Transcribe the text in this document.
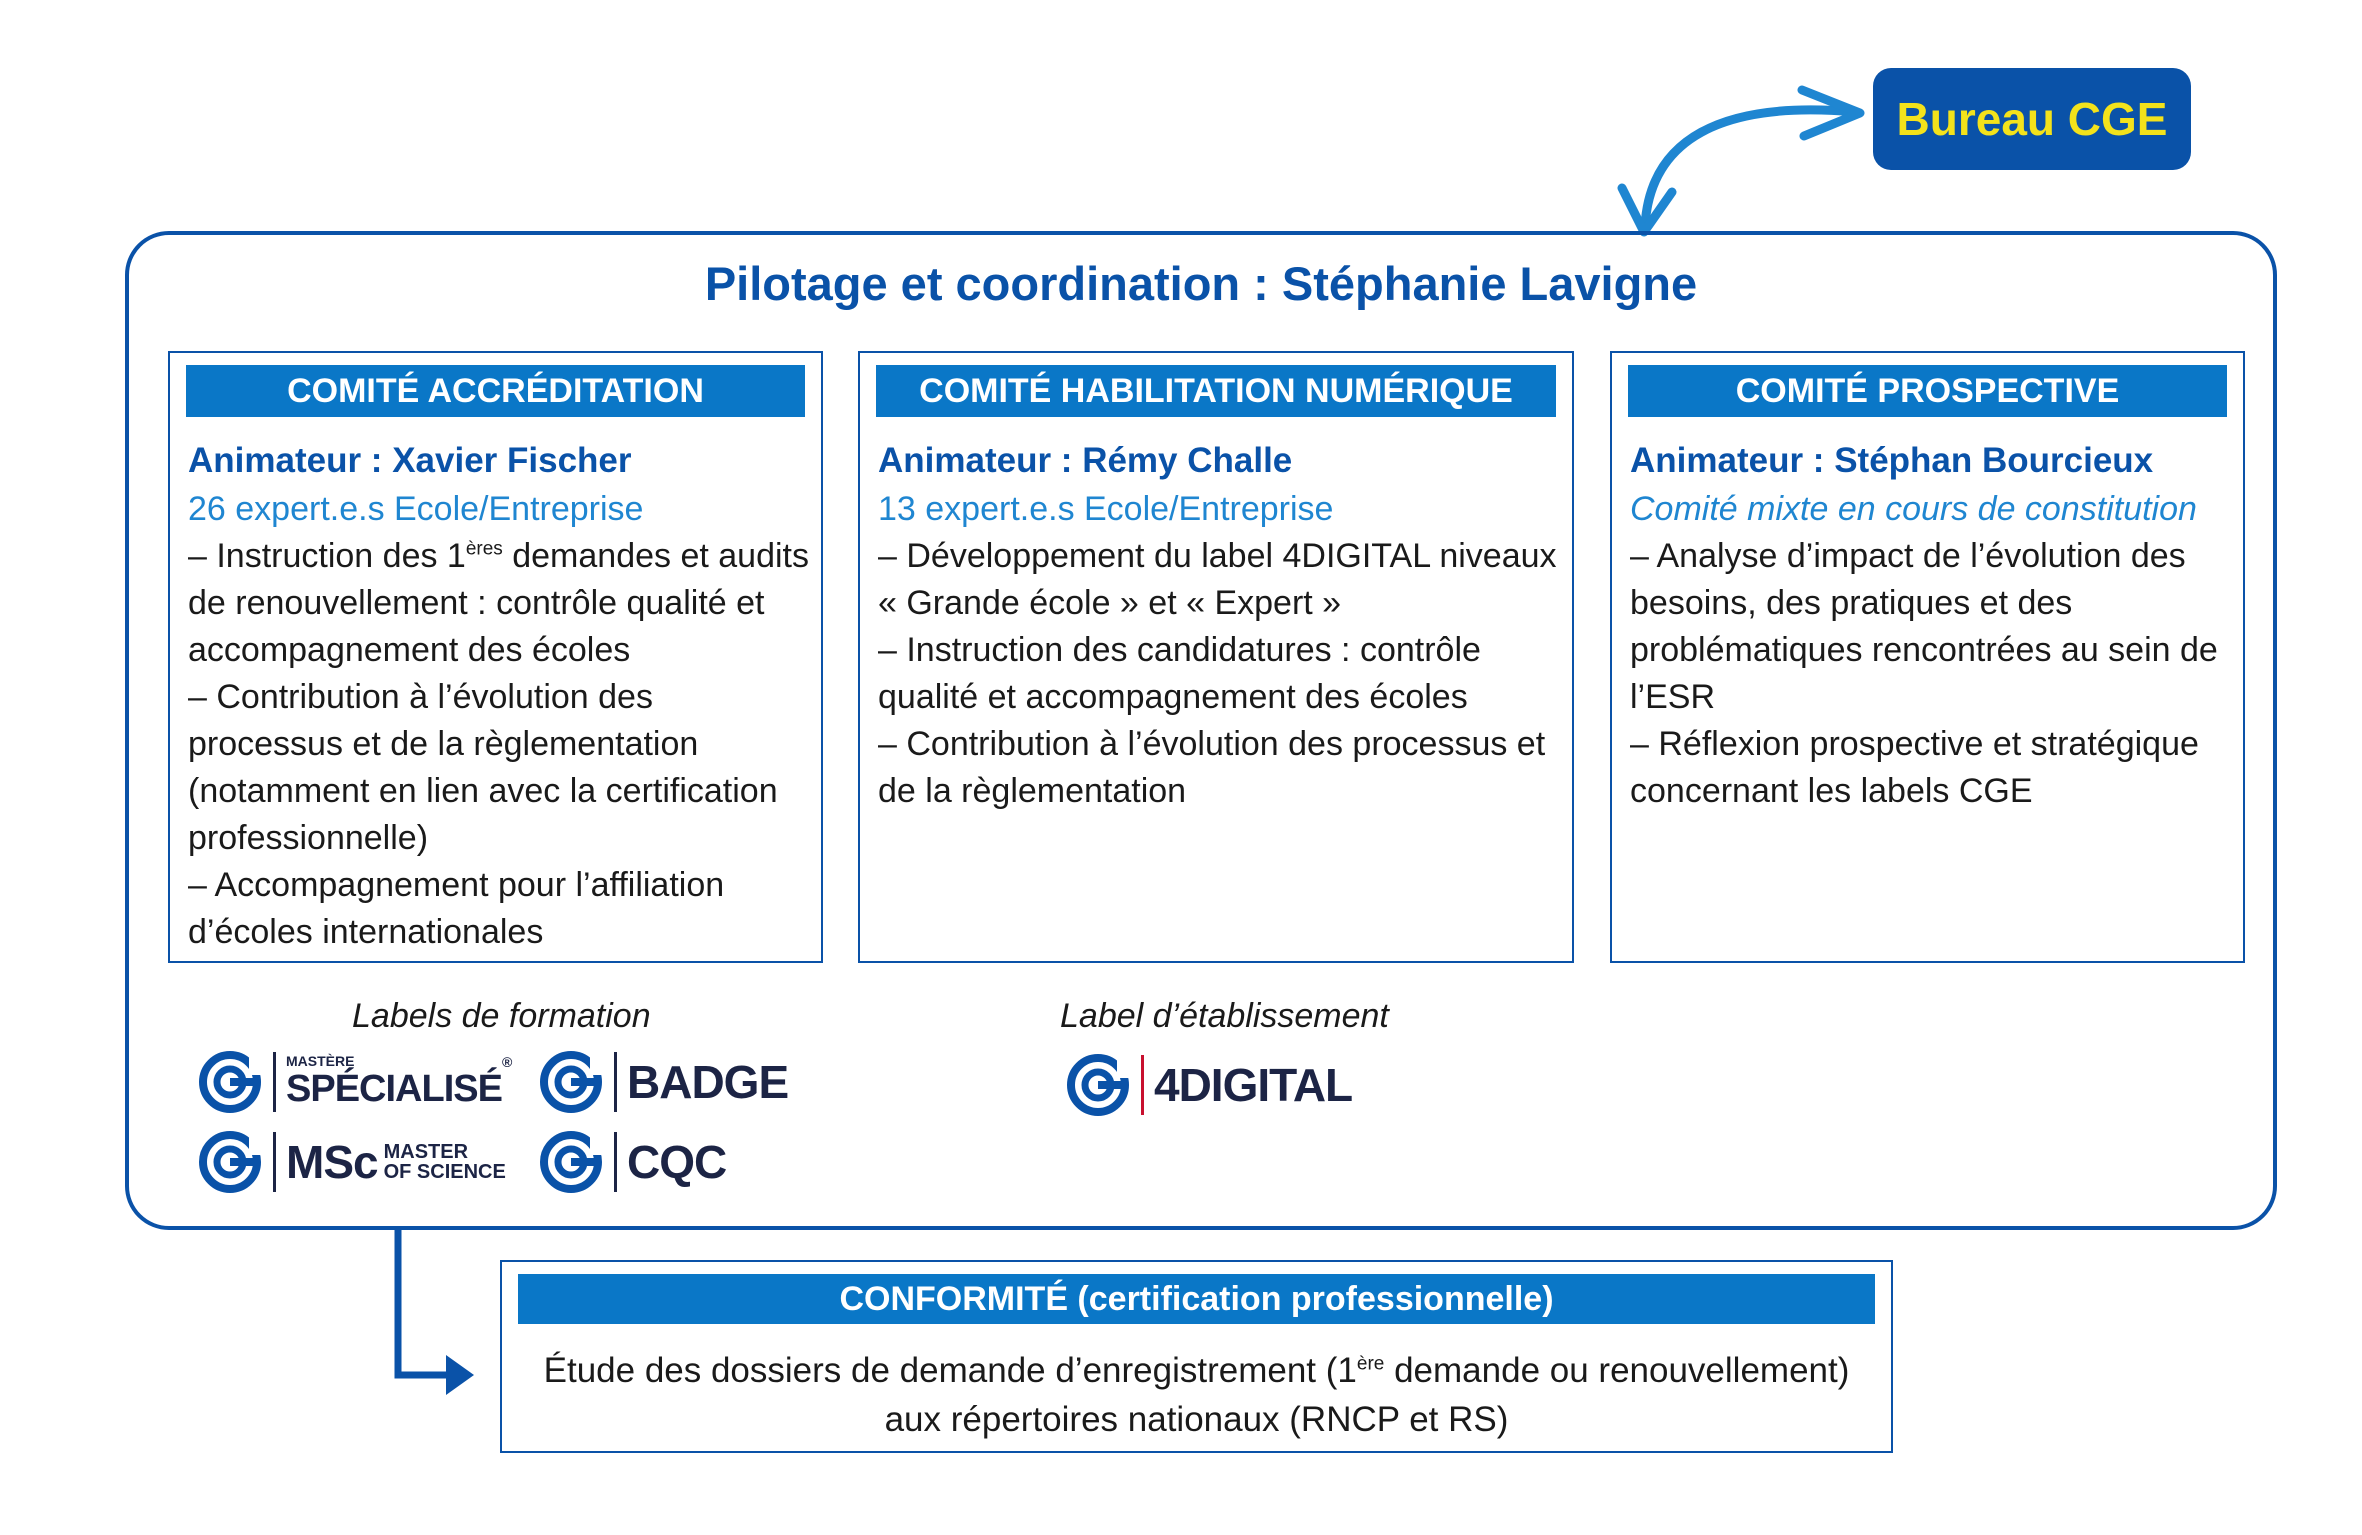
Bureau CGE
Pilotage et coordination : Stéphanie Lavigne
COMITÉ ACCRÉDITATION
Animateur : Xavier Fischer
26 expert.e.s Ecole/Entreprise

– Instruction des 1ères demandes et audits de renouvellement : contrôle qualité et accompagnement des écoles

– Contribution à l’évolution des processus et de la règlementation (notamment en lien avec la certification professionnelle)

– Accompagnement pour l’affiliation d’écoles internationales

COMITÉ HABILITATION NUMÉRIQUE
Animateur : Rémy Challe
13 expert.e.s Ecole/Entreprise

– Développement du label 4DIGITAL niveaux « Grande école » et « Expert »

– Instruction des candidatures : contrôle qualité et accompagnement des écoles

– Contribution à l’évolution des processus et de la règlementation

COMITÉ PROSPECTIVE
Animateur : Stéphan Bourcieux
Comité mixte en cours de constitution

– Analyse d’impact de l’évolution des besoins, des pratiques et des problématiques rencontrées au sein de l’ESR

– Réflexion prospective et stratégique concernant les labels CGE

Labels de formation	Label d’établissement
MASTÈRE
SPÉCIALISÉ
® BADGE
MSc MASTER
OF SCIENCE	CQC
4DIGITAL
CONFORMITÉ (certification professionnelle)
Étude des dossiers de demande d’enregistrement (1ère demande ou renouvellement)
aux répertoires nationaux (RNCP et RS)
